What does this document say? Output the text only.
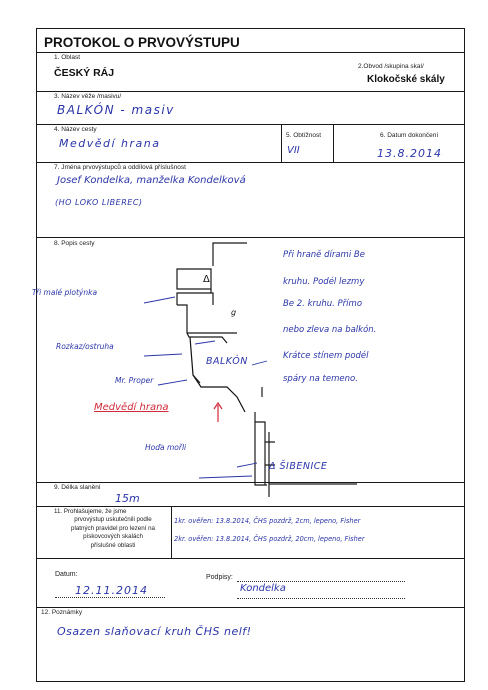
PROTOKOL O PRVOVÝSTUPU
1. Oblast
ČESKÝ RÁJ
2.Obvod /skupina skal/
Klokočské skály
3. Název věže /masivu/
BALKÓN - masiv
4. Název cesty
Medvědí hrana
5. Obtížnost
VII
6. Datum dokončení
13.8.2014
7. Jména prvovýstupců a oddílová příslušnost
Josef Kondelka, manželka Kondelková
(HO LOKO LIBEREC)
8. Popis cesty
Δ
g
BALKÓN
Δ ŠIBENICE
Tři malé plotýnka
Rozkaz/ostruha
Mr. Proper
Medvědí hrana
Hoďa mořli
Při hraně dírami Be
kruhu. Podél lezmy
Be 2. kruhu. Přímo
nebo zleva na balkón.
Krátce stínem podél
spáry na temeno.
9. Délka slanění
15m
11. Prohlašujeme, že jsme
prvovýstup uskutečnili podle
platných pravidel pro lezení na
pískovcových skalách
příslušné oblasti
1kr. ověřen: 13.8.2014, ČHS pozdrž, 2cm, lepeno, Fisher
2kr. ověřen: 13.8.2014, ČHS pozdrž, 20cm, lepeno, Fisher
Datum:
12.11.2014
Podpisy:
Kondelka
12. Poznámky
Osazen slaňovací kruh ČHS nelf!
